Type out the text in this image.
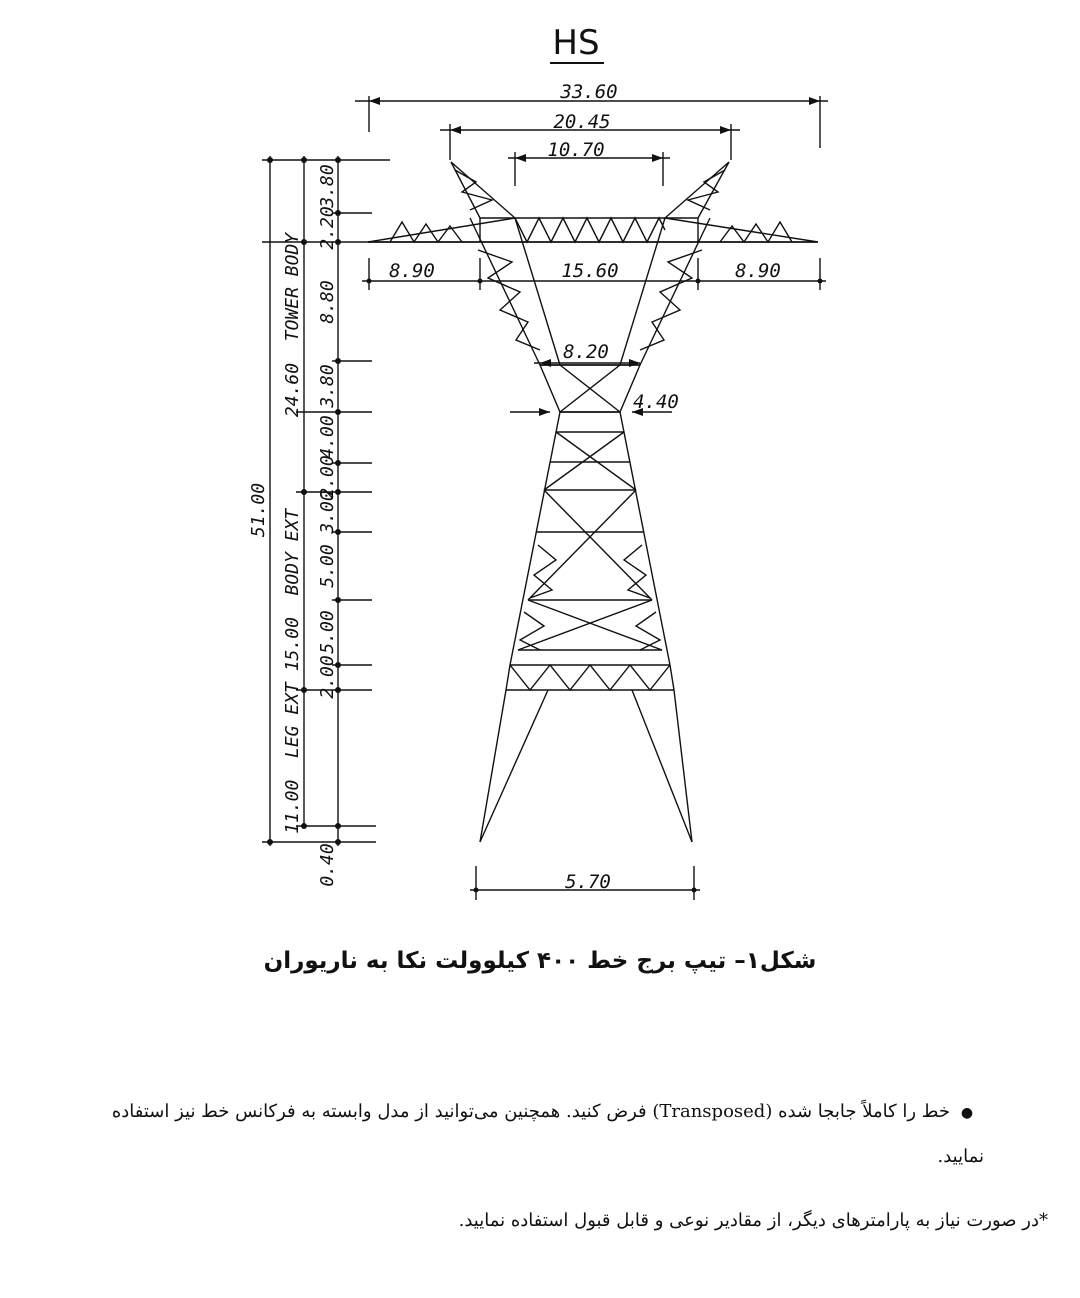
HS
33.60
20.45
10.70
8.90	15.60	8.90
8.20
4.40
5.70
51.00
24.60  TOWER BODY
15.00  BODY EXT
11.00  LEG EXT
3.80
2.20
8.80
3.80
4.00
2.00
3.00
5.00
5.00
2.00
0.40
شکل۱– تیپ برج خط ۴۰۰ کیلوولت نکا به ناریوران
●خط را کاملاً جابجا شده (Transposed) فرض کنید. همچنین می‌توانید از مدل وابسته به فرکانس خط نیز استفاده نمایید.
*در صورت نیاز به پارامترهای دیگر، از مقادیر نوعی و قابل قبول استفاده نمایید.
